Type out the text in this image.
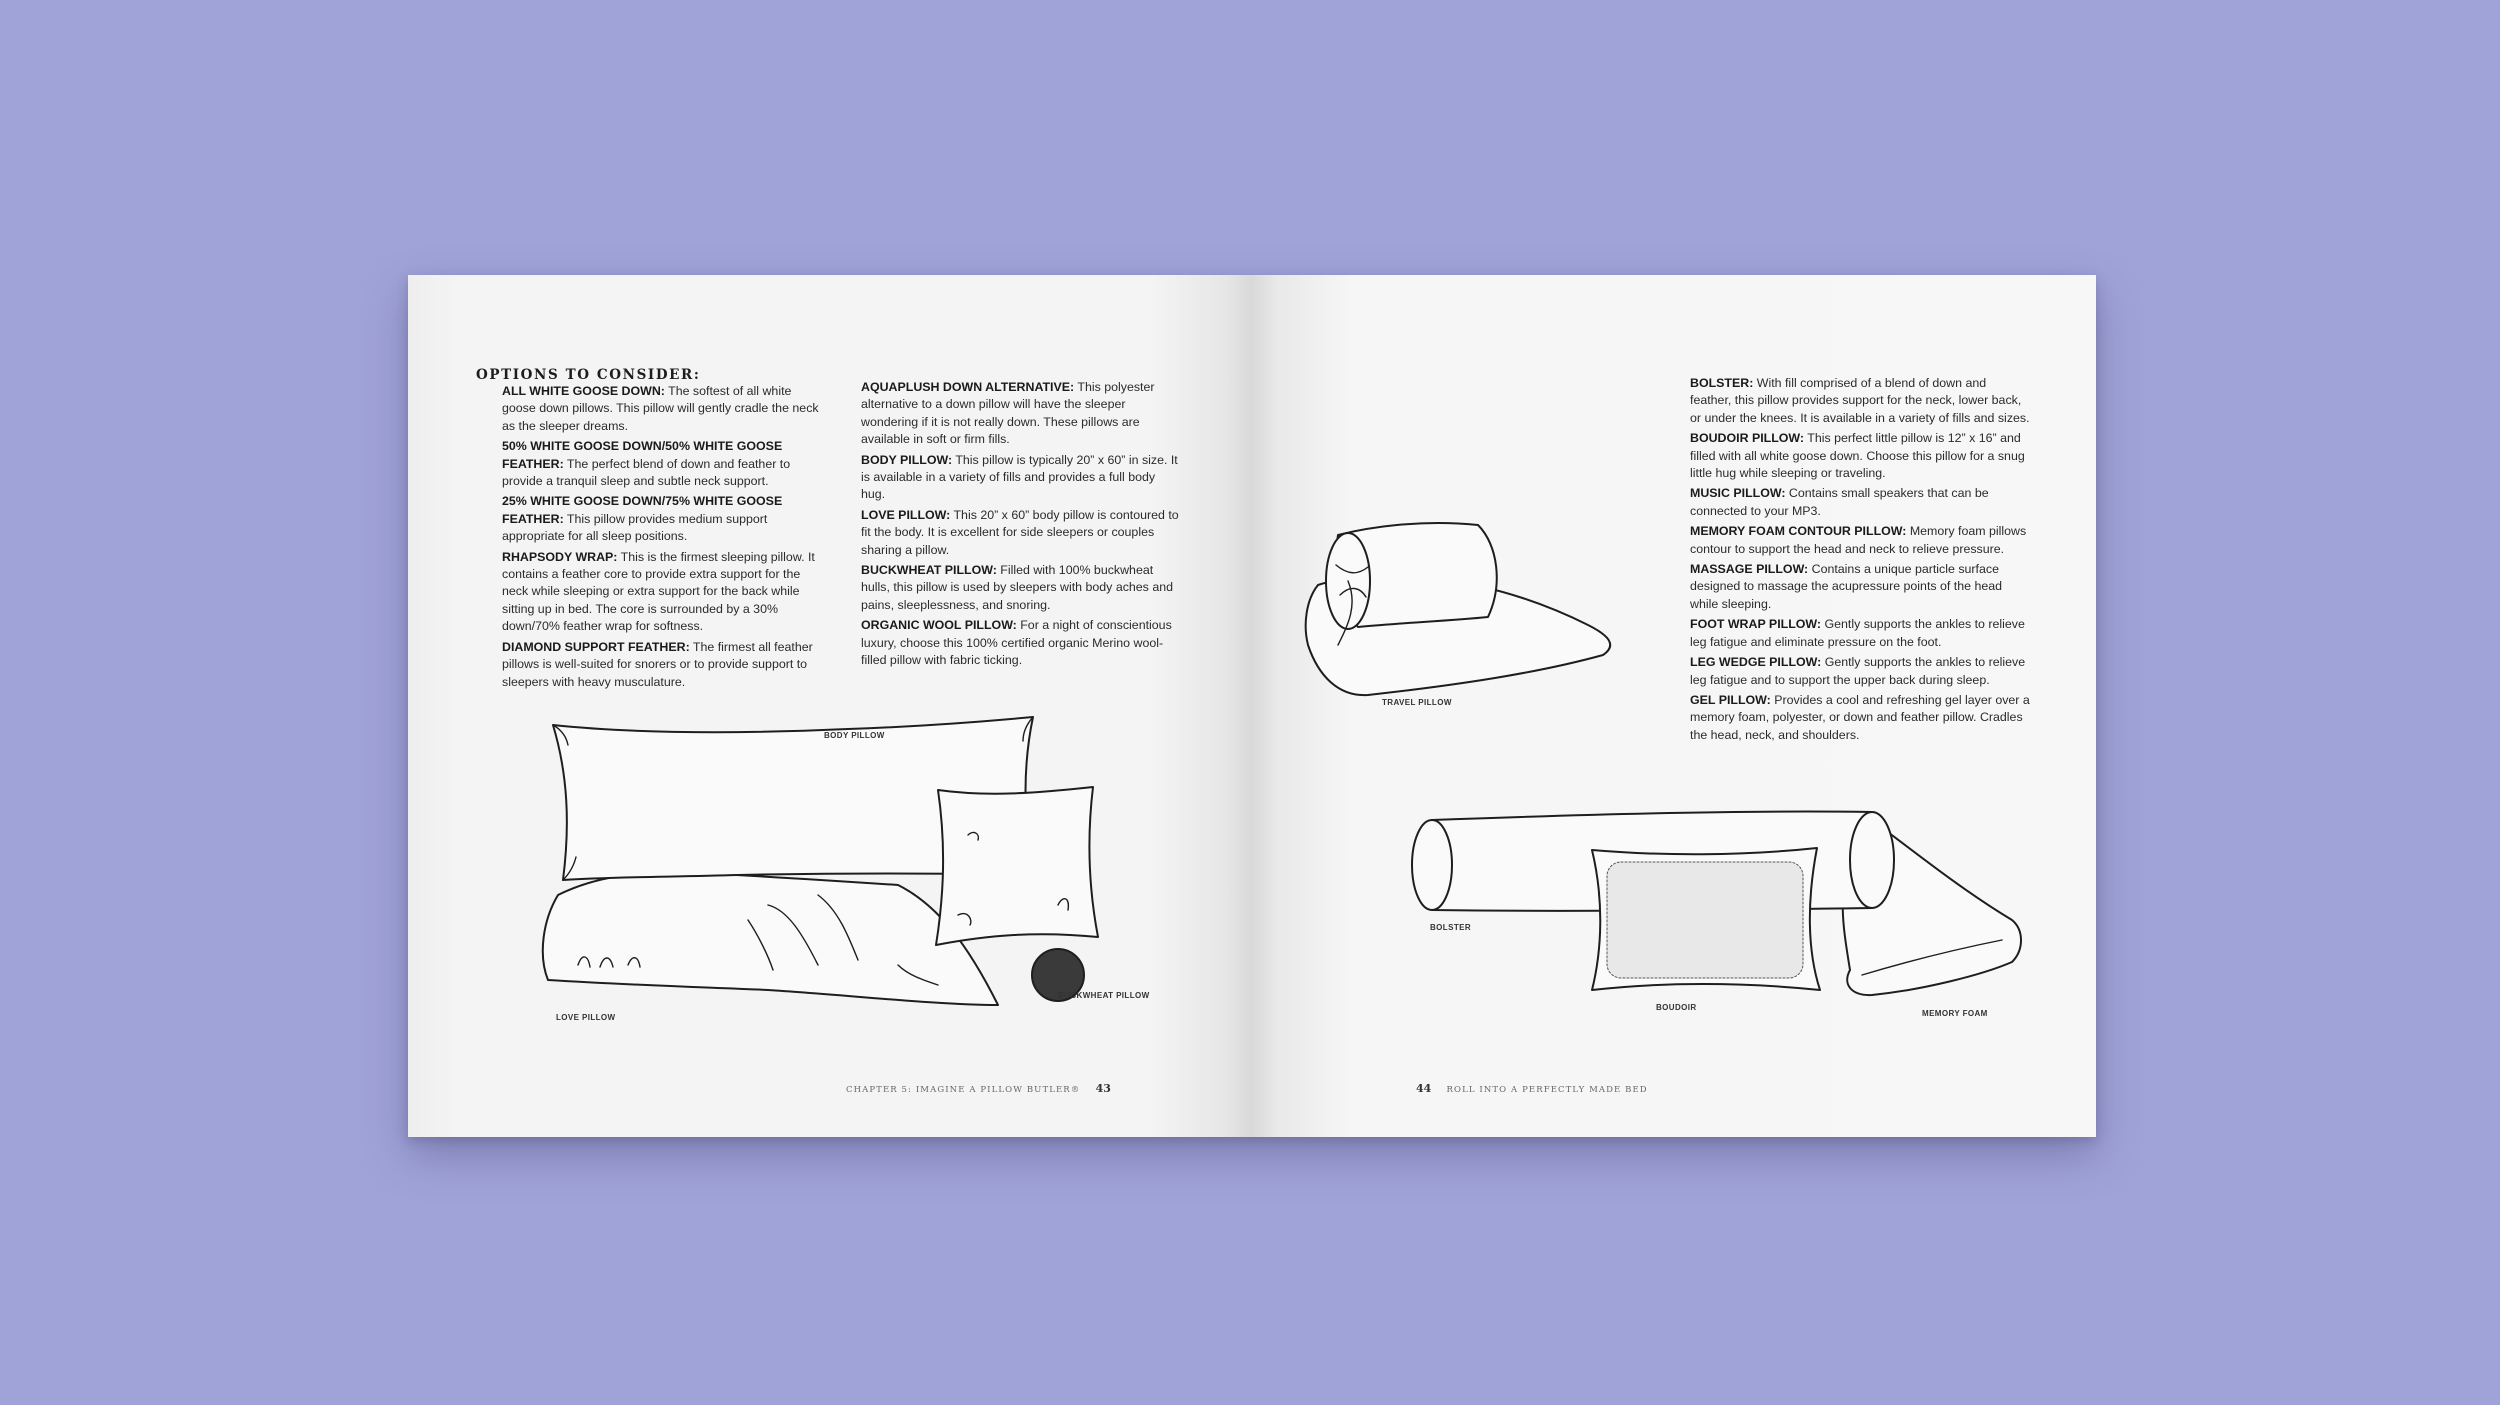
OPTIONS TO CONSIDER:
ALL WHITE GOOSE DOWN: The softest of all white goose down pillows. This pillow will gently cradle the neck as the sleeper dreams.
50% WHITE GOOSE DOWN/50% WHITE GOOSE FEATHER: The perfect blend of down and feather to provide a tranquil sleep and subtle neck support.
25% WHITE GOOSE DOWN/75% WHITE GOOSE FEATHER: This pillow provides medium support appropriate for all sleep positions.
RHAPSODY WRAP: This is the firmest sleeping pillow. It contains a feather core to provide extra support for the neck while sleeping or extra support for the back while sitting up in bed. The core is surrounded by a 30% down/70% feather wrap for softness.
DIAMOND SUPPORT FEATHER: The firmest all feather pillows is well-suited for snorers or to provide support to sleepers with heavy musculature.
AQUAPLUSH DOWN ALTERNATIVE: This polyester alternative to a down pillow will have the sleeper wondering if it is not really down. These pillows are available in soft or firm fills.
BODY PILLOW: This pillow is typically 20” x 60” in size. It is available in a variety of fills and provides a full body hug.
LOVE PILLOW: This 20” x 60” body pillow is contoured to fit the body. It is excellent for side sleepers or couples sharing a pillow.
BUCKWHEAT PILLOW: Filled with 100% buckwheat hulls, this pillow is used by sleepers with body aches and pains, sleeplessness, and snoring.
ORGANIC WOOL PILLOW: For a night of conscientious luxury, choose this 100% certified organic Merino wool-filled pillow with fabric ticking.
BODY PILLOW
LOVE PILLOW
BUCKWHEAT PILLOW
CHAPTER 5: IMAGINE A PILLOW BUTLER® 43
BOLSTER: With fill comprised of a blend of down and feather, this pillow provides support for the neck, lower back, or under the knees. It is available in a variety of fills and sizes.
BOUDOIR PILLOW: This perfect little pillow is 12” x 16” and filled with all white goose down. Choose this pillow for a snug little hug while sleeping or traveling.
MUSIC PILLOW: Contains small speakers that can be connected to your MP3.
MEMORY FOAM CONTOUR PILLOW: Memory foam pillows contour to support the head and neck to relieve pressure.
MASSAGE PILLOW: Contains a unique particle surface designed to massage the acupressure points of the head while sleeping.
FOOT WRAP PILLOW: Gently supports the ankles to relieve leg fatigue and eliminate pressure on the foot.
LEG WEDGE PILLOW: Gently supports the ankles to relieve leg fatigue and to support the upper back during sleep.
GEL PILLOW: Provides a cool and refreshing gel layer over a memory foam, polyester, or down and feather pillow. Cradles the head, neck, and shoulders.
TRAVEL PILLOW
BOLSTER
BOUDOIR
MEMORY FOAM
44 ROLL INTO A PERFECTLY MADE BED
